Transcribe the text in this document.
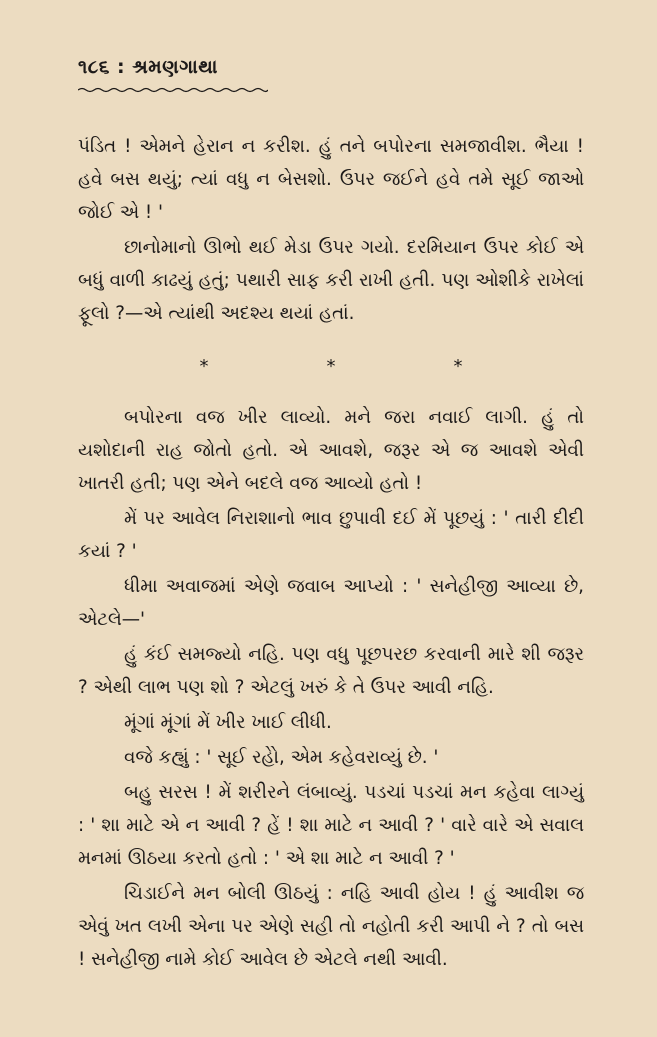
૧૮૬ : શ્રમણગાથા

પંડિત ! એમને હેરાન ન કરીશ. હું તને બપોરના સમજાવીશ. ભૈયા ! હવે બસ થયું; ત્યાં વધુ ન બેસશો. ઉપર જઈને હવે તમે સૂઈ જાઓ જોઈ એ ! '

છાનોમાનો ઊભો થઈ મેડા ઉપર ગયો. દરમિયાન ઉપર કોઈ એ બધું વાળી કાઢયું હતું; પથારી સાફ કરી રાખી હતી. પણ ઓશીકે રાખેલાં ફૂલો ?—એ ત્યાંથી અદશ્ય થયાં હતાં.

*	*	*

બપોરના વજ ખીર લાવ્યો. મને જરા નવાઈ લાગી. હું તો યશોદાની રાહ જોતો હતો. એ આવશે, જરૂર એ જ આવશે એવી ખાતરી હતી; પણ એને બદલે વજ આવ્યો હતો !

મેં પર આવેલ નિરાશાનો ભાવ છુપાવી દઈ મેં પૂછયું : ' તારી દીદી કયાં ? '

ધીમા અવાજમાં એણે જવાબ આપ્યો : ' સનેહીજી આવ્યા છે, એટલે—'

હું કંઈ સમજ્યો નહિ. પણ વધુ પૂછપરછ કરવાની મારે શી જરૂર ? એથી લાભ પણ શો ? એટલું ખરું કે તે ઉપર આવી નહિ.

મૂંગાં મૂંગાં મેં ખીર ખાઈ લીધી.

વજે કહ્યું : ' સૂઈ રહેો, એમ કહેવરાવ્યું છે. '

બહુ સરસ ! મેં શરીરને લંબાવ્યું. પડચાં પડચાં મન કહેવા લાગ્યું : ' શા માટે એ ન આવી ? હેં ! શા માટે ન આવી ? ' વારે વારે એ સવાલ મનમાં ઊઠયા કરતો હતો : ' એ શા માટે ન આવી ? '

ચિડાઈને મન બોલી ઊઠયું : નહિ આવી હોય ! હું આવીશ જ એવું ખત લખી એના પર એણે સહી તો નહોતી કરી આપી ને ? તો બસ ! સનેહીજી નામે કોઈ આવેલ છે એટલે નથી આવી.
